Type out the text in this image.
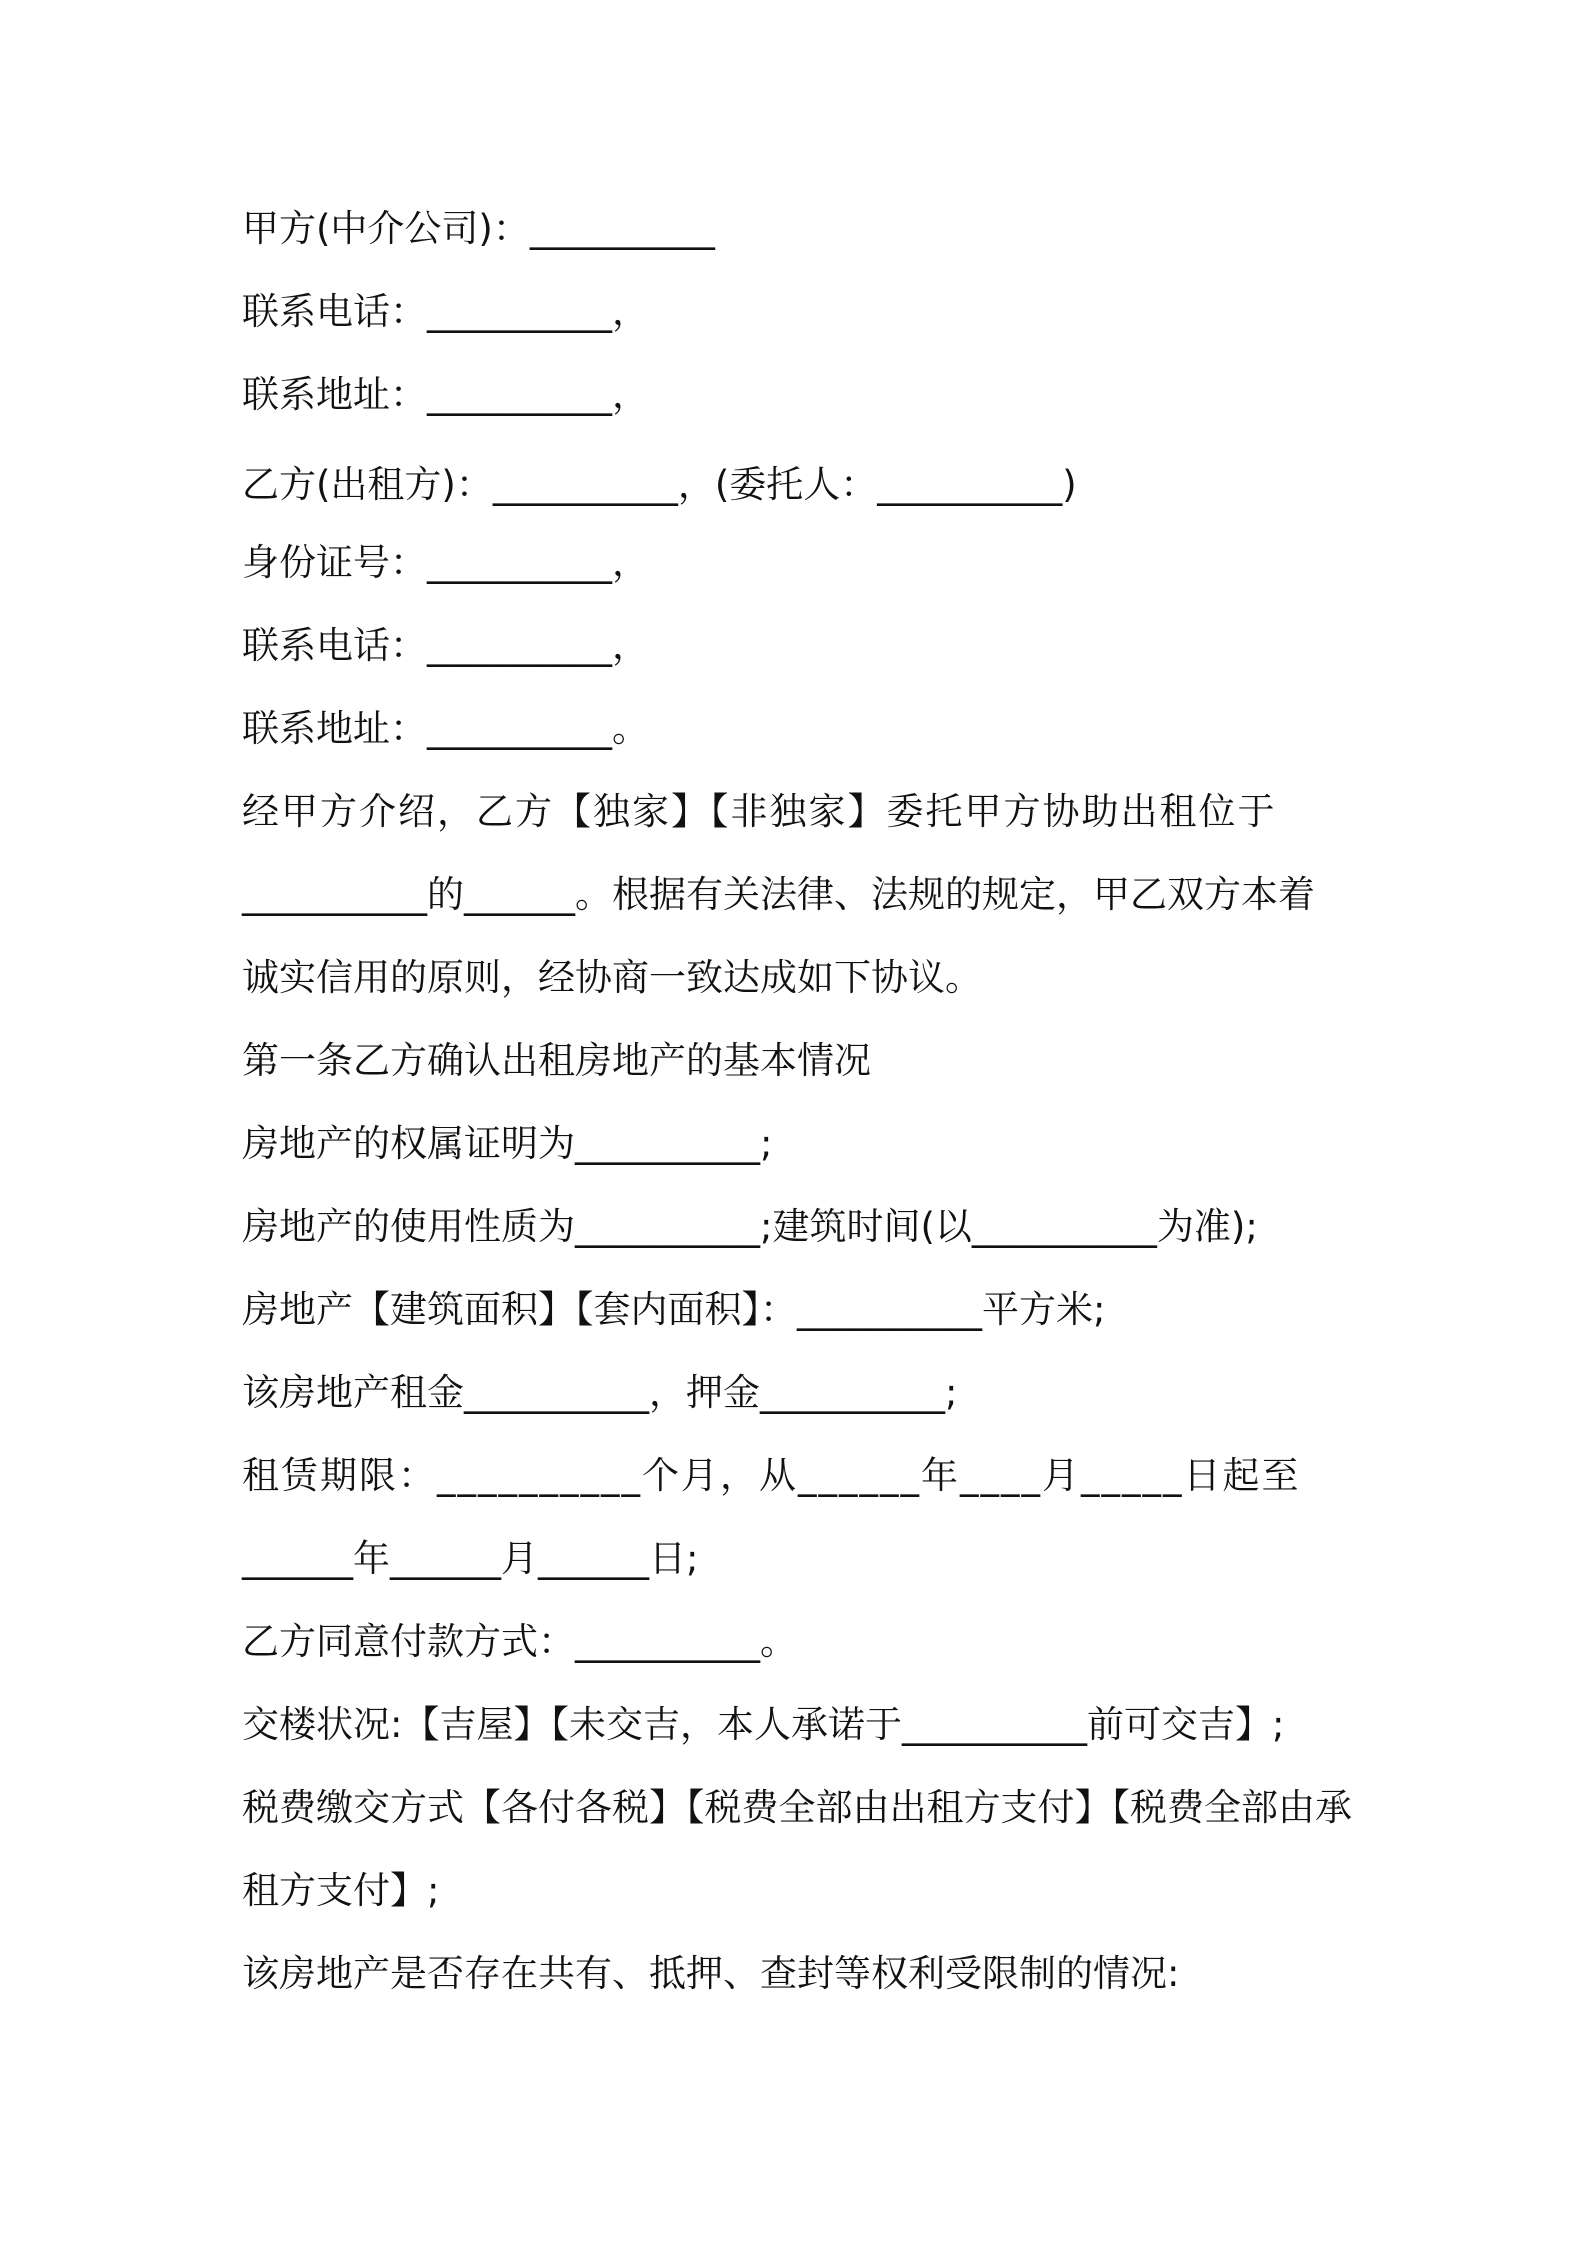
甲方(中介公司)：__________
联系电话：__________，
联系地址：__________，
乙方(出租方)：__________，(委托人：__________)
身份证号：__________，
联系电话：__________，
联系地址：__________。
经甲方介绍，乙方【独家】【非独家】委托甲方协助出租位于
__________的______。根据有关法律、法规的规定，甲乙双方本着
诚实信用的原则，经协商一致达成如下协议。
第一条乙方确认出租房地产的基本情况
房地产的权属证明为__________;
房地产的使用性质为__________;建筑时间(以__________为准);
房地产【建筑面积】【套内面积】：__________平方米;
该房地产租金__________，押金__________;
租赁期限：__________个月，从______年____月_____日起至
______年______月______日;
乙方同意付款方式：__________。
交楼状况:【吉屋】【未交吉，本人承诺于__________前可交吉】;
税费缴交方式【各付各税】【税费全部由出租方支付】【税费全部由承
租方支付】;
该房地产是否存在共有、抵押、查封等权利受限制的情况:
